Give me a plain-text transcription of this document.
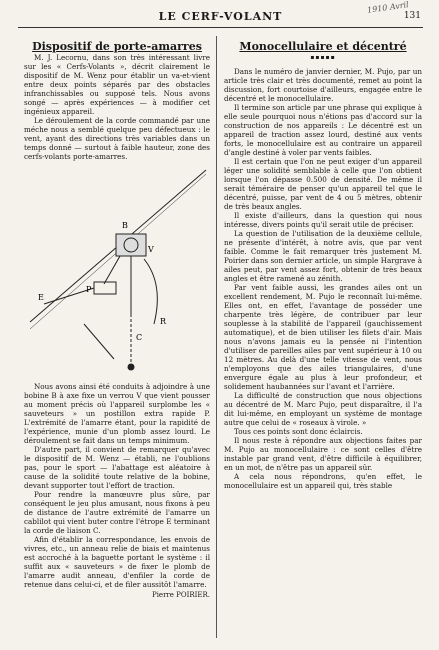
LE CERF-VOLANT	131
1910 Avril
Dispositif de porte-amarres

M. J. Lecornu, dans son très intéressant livre sur les « Cerfs-Volants », décrit clairement le dispositif de M. Wenz pour établir un va-et-vient entre deux points séparés par des obstacles infranchissables ou supposé tels. Nous avons songé — après expériences — à modifier cet ingénieux appareil.

Le déroulement de la corde commandé par une méche nous a semblé quelque peu défectueux : le vent, ayant des directions très variables dans un temps donné — surtout à faible hauteur, zone des cerfs-volants porte-amarres.

B
V
P
E
C
R

Nous avons ainsi été conduits à adjoindre à une bobine B à axe fixe un verrou V que vient pousser au moment précis où l'appareil surplombe les « sauveteurs » un postillon extra rapide P. L'extrémité de l'amarre étant, pour la rapidité de l'expérience, munie d'un plomb assez lourd. Le déroulement se fait dans un temps minimum.

D'autre part, il convient de remarquer qu'avec le dispositif de M. Wenz — établi, ne l'oublions pas, pour le sport — l'abattage est aléatoire à cause de la solidité toute relative de la bobine, devant supporter tout l'effort de traction.

Pour rendre la manœuvre plus sûre, par conséquent le jeu plus amusant, nous fixons à peu de distance de l'autre extrémité de l'amarre un cablilot qui vient buter contre l'étrope E terminant la corde de liaison C.

Afin d'établir la correspondance, les envois de vivres, etc., un anneau relie de biais et maintenus est accroché à la baguette portant le système : il suffit aux « sauveteurs » de fixer le plomb de l'amarre audit anneau, d'enfiler la corde de retenue dans celui-ci, et de filer aussitôt l'amarre.

Pierre POIRIER.
Monocellulaire et décentré
▪▪▪▪▪

Dans le numéro de janvier dernier, M. Pujo, par un article très clair et très documenté, remet au point la discussion, fort courtoise d'ailleurs, engagée entre le décentré et le monocellulaire.

Il termine son article par une phrase qui explique à elle seule pourquoi nous n'étions pas d'accord sur la construction de nos appareils : Le décentré est un appareil de traction assez lourd, destiné aux vents forts, le monocellulaire est au contraire un appareil d'angle destiné à voler par vents faibles.

Il est certain que l'on ne peut exiger d'un appareil léger une solidité semblable à celle que l'on obtient lorsque l'on dépasse 0.500 de densité. De même il serait téméraire de penser qu'un appareil tel que le décentré, puisse, par vent de 4 ou 5 mètres, obtenir de très beaux angles.

Il existe d'ailleurs, dans la question qui nous intéresse, divers points qu'il serait utile de préciser.

La question de l'utilisation de la deuxième cellule, ne présente d'intérêt, à notre avis, que par vent faible. Comme le fait remarquer très justement M. Poirier dans son dernier article, un simple Hargrave à ailes peut, par vent assez fort, obtenir de très beaux angles et être ramené au zénith.

Par vent faible aussi, les grandes ailes ont un excellent rendement, M. Pujo le reconnaît lui-même. Elles ont, en effet, l'avantage de posséder une charpente très légère, de contribuer par leur souplesse à la stabilité de l'appareil (gauchissement automatique), et de bien utiliser les filets d'air. Mais nous n'avons jamais eu la pensée ni l'intention d'utiliser de pareilles ailes par vent supérieur à 10 ou 12 mètres. Au delà d'une telle vitesse de vent, nous n'employons que des ailes triangulaires, d'une envergure égale au plus à leur profondeur, et solidement haubannées sur l'avant et l'arrière.

La difficulté de construction que nous objections au décentré de M. Marc Pujo, peut disparaître, il l'a dit lui-même, en employant un système de montage autre que celui de « roseaux à virole. »

Tous ces points sont donc éclaircis.

Il nous reste à répondre aux objections faites par M. Pujo au monocellulaire : ce sont celles d'être instable par grand vent, d'être difficile à équilibrer, en un mot, de n'être pas un appareil sûr.

A cela nous répondrons, qu'en effet, le monocellulaire est un appareil qui, très stable
